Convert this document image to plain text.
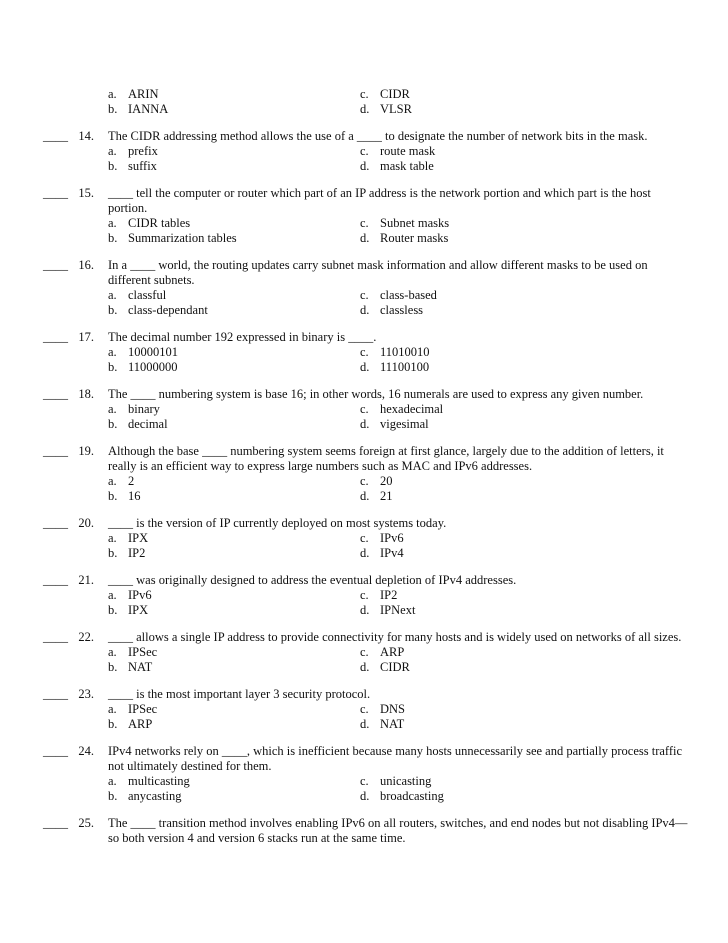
a. ARIN	c. CIDR
b. IANNA	d. VLSR
____ 14. The CIDR addressing method allows the use of a ____ to designate the number of network bits in the mask.
a. prefix	c. route mask
b. suffix	d. mask table
____ 15. ____ tell the computer or router which part of an IP address is the network portion and which part is the host portion.
a. CIDR tables	c. Subnet masks
b. Summarization tables	d. Router masks
____ 16. In a ____ world, the routing updates carry subnet mask information and allow different masks to be used on different subnets.
a. classful	c. class-based
b. class-dependant	d. classless
____ 17. The decimal number 192 expressed in binary is ____.
a. 10000101	c. 11010010
b. 11000000	d. 11100100
____ 18. The ____ numbering system is base 16; in other words, 16 numerals are used to express any given number.
a. binary	c. hexadecimal
b. decimal	d. vigesimal
____ 19. Although the base ____ numbering system seems foreign at first glance, largely due to the addition of letters, it really is an efficient way to express large numbers such as MAC and IPv6 addresses.
a. 2	c. 20
b. 16	d. 21
____ 20. ____ is the version of IP currently deployed on most systems today.
a. IPX	c. IPv6
b. IP2	d. IPv4
____ 21. ____ was originally designed to address the eventual depletion of IPv4 addresses.
a. IPv6	c. IP2
b. IPX	d. IPNext
____ 22. ____ allows a single IP address to provide connectivity for many hosts and is widely used on networks of all sizes.
a. IPSec	c. ARP
b. NAT	d. CIDR
____ 23. ____ is the most important layer 3 security protocol.
a. IPSec	c. DNS
b. ARP	d. NAT
____ 24. IPv4 networks rely on ____, which is inefficient because many hosts unnecessarily see and partially process traffic not ultimately destined for them.
a. multicasting	c. unicasting
b. anycasting	d. broadcasting
____ 25. The ____ transition method involves enabling IPv6 on all routers, switches, and end nodes but not disabling IPv4—so both version 4 and version 6 stacks run at the same time.
